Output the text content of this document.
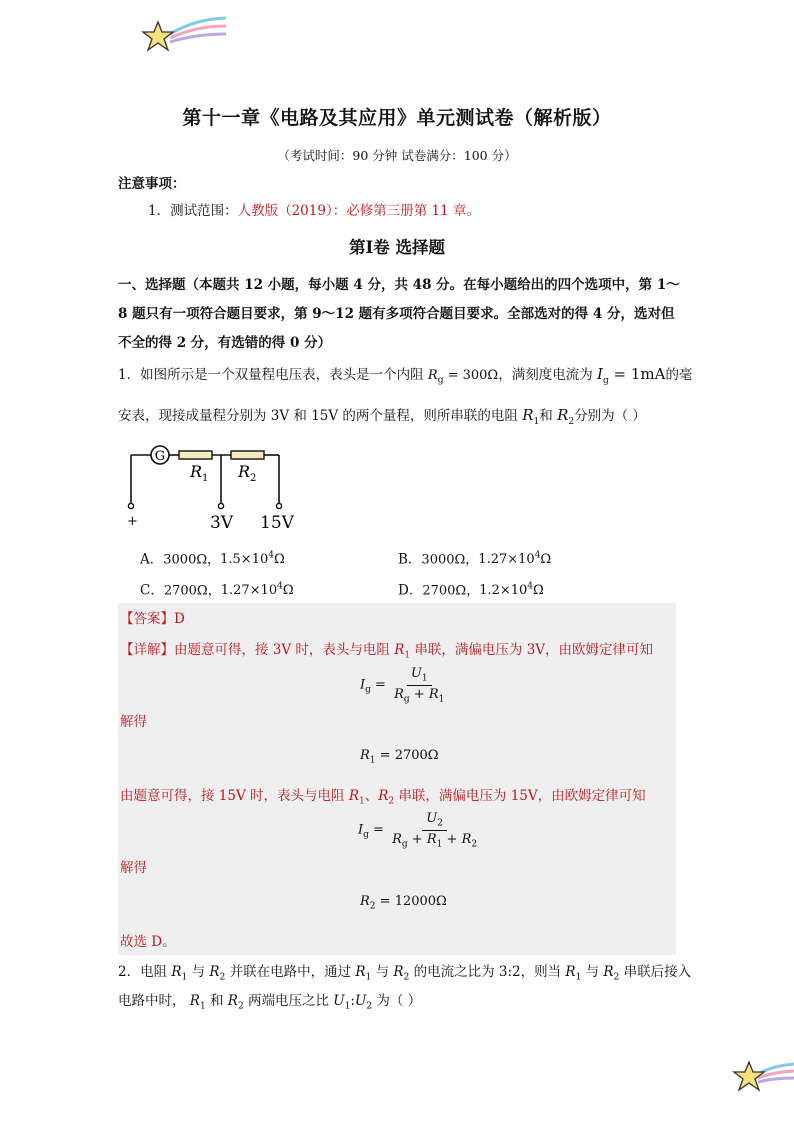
第十一章《电路及其应用》单元测试卷（解析版）
（考试时间：90 分钟 试卷满分：100 分）
注意事项：
1．测试范围：人教版（2019）：必修第三册第 11 章。
第Ⅰ卷 选择题
一、选择题（本题共 12 小题，每小题 4 分，共 48 分。在每小题给出的四个选项中，第 1～
8 题只有一项符合题目要求，第 9～12 题有多项符合题目要求。全部选对的得 4 分，选对但
不全的得 2 分，有选错的得 0 分）
1．如图所示是一个双量程电压表，表头是一个内阻 $R_g = 300\Omega$，满刻度电流为 $I_g = 1mA$的毫
安表，现接成量程分别为 3V 和 15V 的两个量程，则所串联的电阻 $R_1$和 $R_2$分别为（ ）
G
$R_1$ $R_2$
+	3V 15V
A．3000Ω，$1.5\times 10^4\Omega$	B．3000Ω，$1.27\times 10^4\Omega$
C．2700Ω，$1.27\times 10^4\Omega$	D．2700Ω，$1.2\times 10^4\Omega$
【答案】D
【详解】由题意可得，接 3V 时，表头与电阻 $R_1$ 串联，满偏电压为 3V，由欧姆定律可知
$I_g = \frac{U_1}{R_g + R_1}$
解得
$R_1 = 2700\Omega$
由题意可得，接 15V 时，表头与电阻 $R_1$、$R_2$ 串联，满偏电压为 15V，由欧姆定律可知
$I_g = \frac{U_2}{R_g + R_1 + R_2}$
解得
$R_2 = 12000\Omega$
故选 D。
2．电阻 $R_1$ 与 $R_2$ 并联在电路中，通过 $R_1$ 与 $R_2$ 的电流之比为 3:2，则当 $R_1$ 与 $R_2$ 串联后接入
电路中时， $R_1$ 和 $R_2$ 两端电压之比 $U_1:U_2$ 为（ ）
